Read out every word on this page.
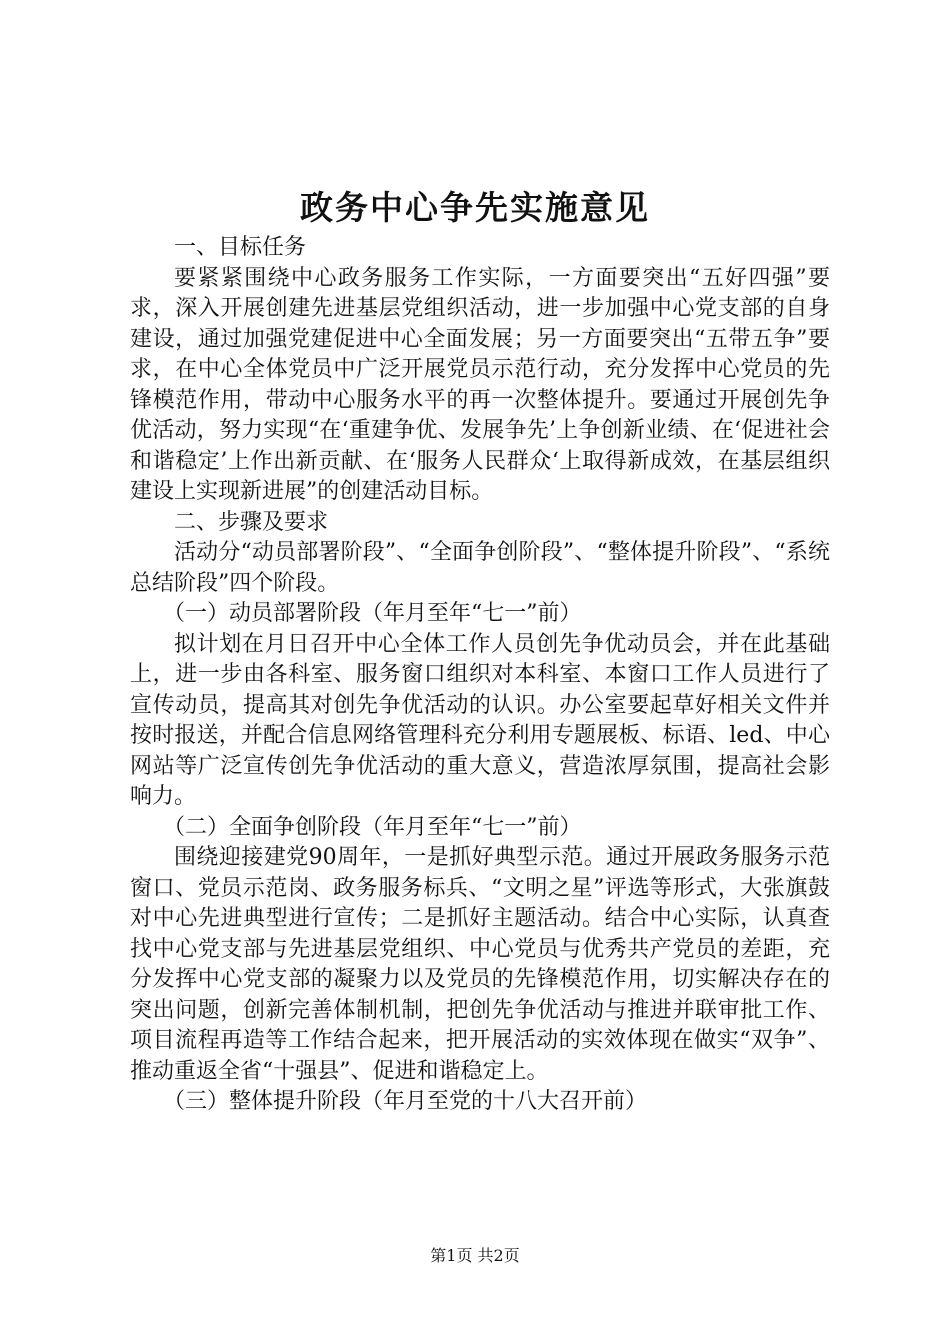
政务中心争先实施意见

一、目标任务

要紧紧围绕中心政务服务工作实际，一方面要突出“五好四强”要求，深入开展创建先进基层党组织活动，进一步加强中心党支部的自身建设，通过加强党建促进中心全面发展；另一方面要突出“五带五争”要求，在中心全体党员中广泛开展党员示范行动，充分发挥中心党员的先锋模范作用，带动中心服务水平的再一次整体提升。要通过开展创先争优活动，努力实现“在‘重建争优、发展争先’上争创新业绩、在‘促进社会和谐稳定’上作出新贡献、在‘服务人民群众‘上取得新成效，在基层组织建设上实现新进展”的创建活动目标。

二、步骤及要求

活动分“动员部署阶段”、“全面争创阶段”、“整体提升阶段”、“系统总结阶段”四个阶段。

（一）动员部署阶段（年月至年“七一”前）

拟计划在月日召开中心全体工作人员创先争优动员会，并在此基础上，进一步由各科室、服务窗口组织对本科室、本窗口工作人员进行了宣传动员，提高其对创先争优活动的认识。办公室要起草好相关文件并按时报送，并配合信息网络管理科充分利用专题展板、标语、led、中心网站等广泛宣传创先争优活动的重大意义，营造浓厚氛围，提高社会影响力。

（二）全面争创阶段（年月至年“七一”前）

围绕迎接建党90周年，一是抓好典型示范。通过开展政务服务示范窗口、党员示范岗、政务服务标兵、“文明之星”评选等形式，大张旗鼓对中心先进典型进行宣传；二是抓好主题活动。结合中心实际，认真查找中心党支部与先进基层党组织、中心党员与优秀共产党员的差距，充分发挥中心党支部的凝聚力以及党员的先锋模范作用，切实解决存在的突出问题，创新完善体制机制，把创先争优活动与推进并联审批工作、项目流程再造等工作结合起来，把开展活动的实效体现在做实“双争”、推动重返全省“十强县”、促进和谐稳定上。

（三）整体提升阶段（年月至党的十八大召开前）

第1页 共2页
